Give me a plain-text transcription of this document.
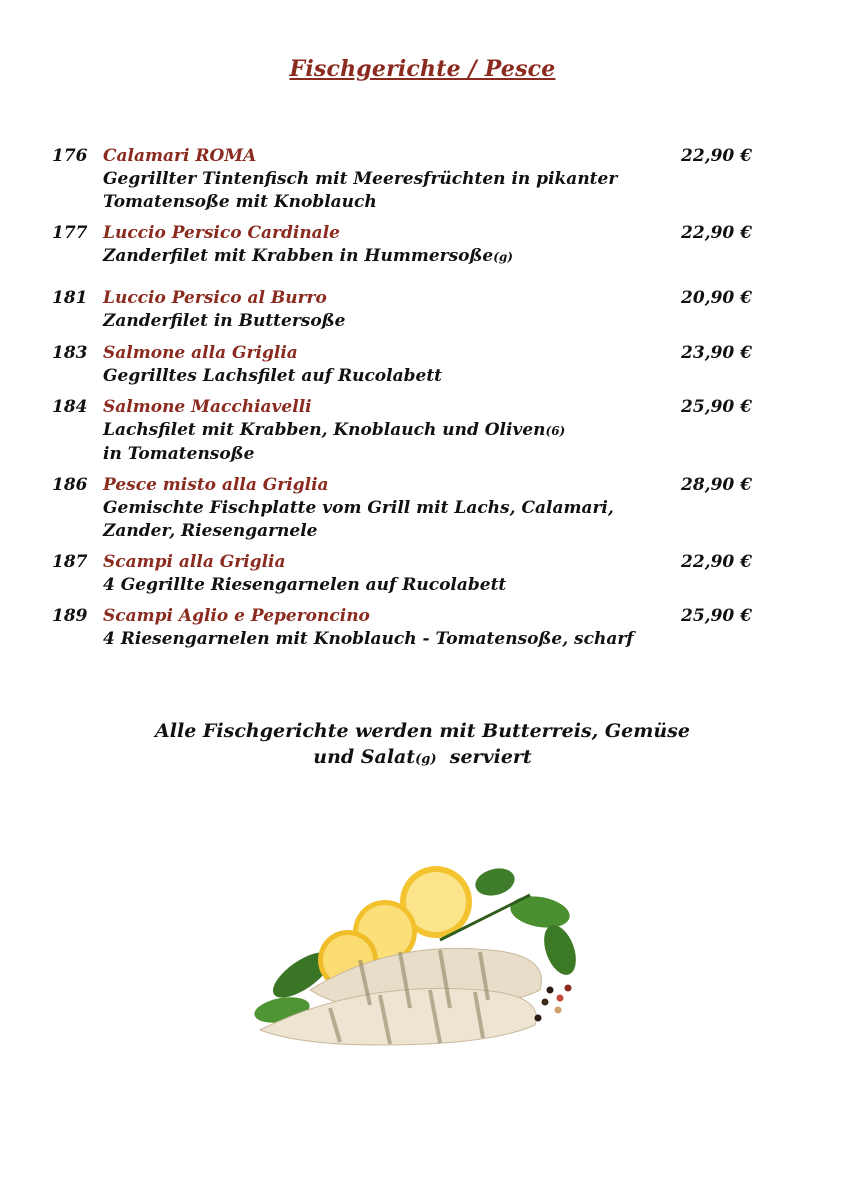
Fischgerichte / Pesce
176 Calamari ROMA	22,90 €
Gegrillter Tintenfisch mit Meeresfrüchten in pikanter
Tomatensoße mit Knoblauch
177 Luccio Persico Cardinale	22,90 €
Zanderfilet mit Krabben in Hummersoße(g)
181 Luccio Persico al Burro	20,90 €
Zanderfilet in Buttersoße
183 Salmone alla Griglia	23,90 €
Gegrilltes Lachsfilet auf Rucolabett
184 Salmone Macchiavelli	25,90 €
Lachsfilet mit Krabben, Knoblauch und Oliven(6)
in Tomatensoße
186 Pesce misto alla Griglia	28,90 €
Gemischte Fischplatte vom Grill mit Lachs, Calamari,
Zander, Riesengarnele
187 Scampi alla Griglia	22,90 €
4 Gegrillte Riesengarnelen auf Rucolabett
189 Scampi Aglio e Peperoncino	25,90 €
4 Riesengarnelen mit Knoblauch - Tomatensoße, scharf
Alle Fischgerichte werden mit Butterreis, Gemüse
und Salat(g)  serviert
